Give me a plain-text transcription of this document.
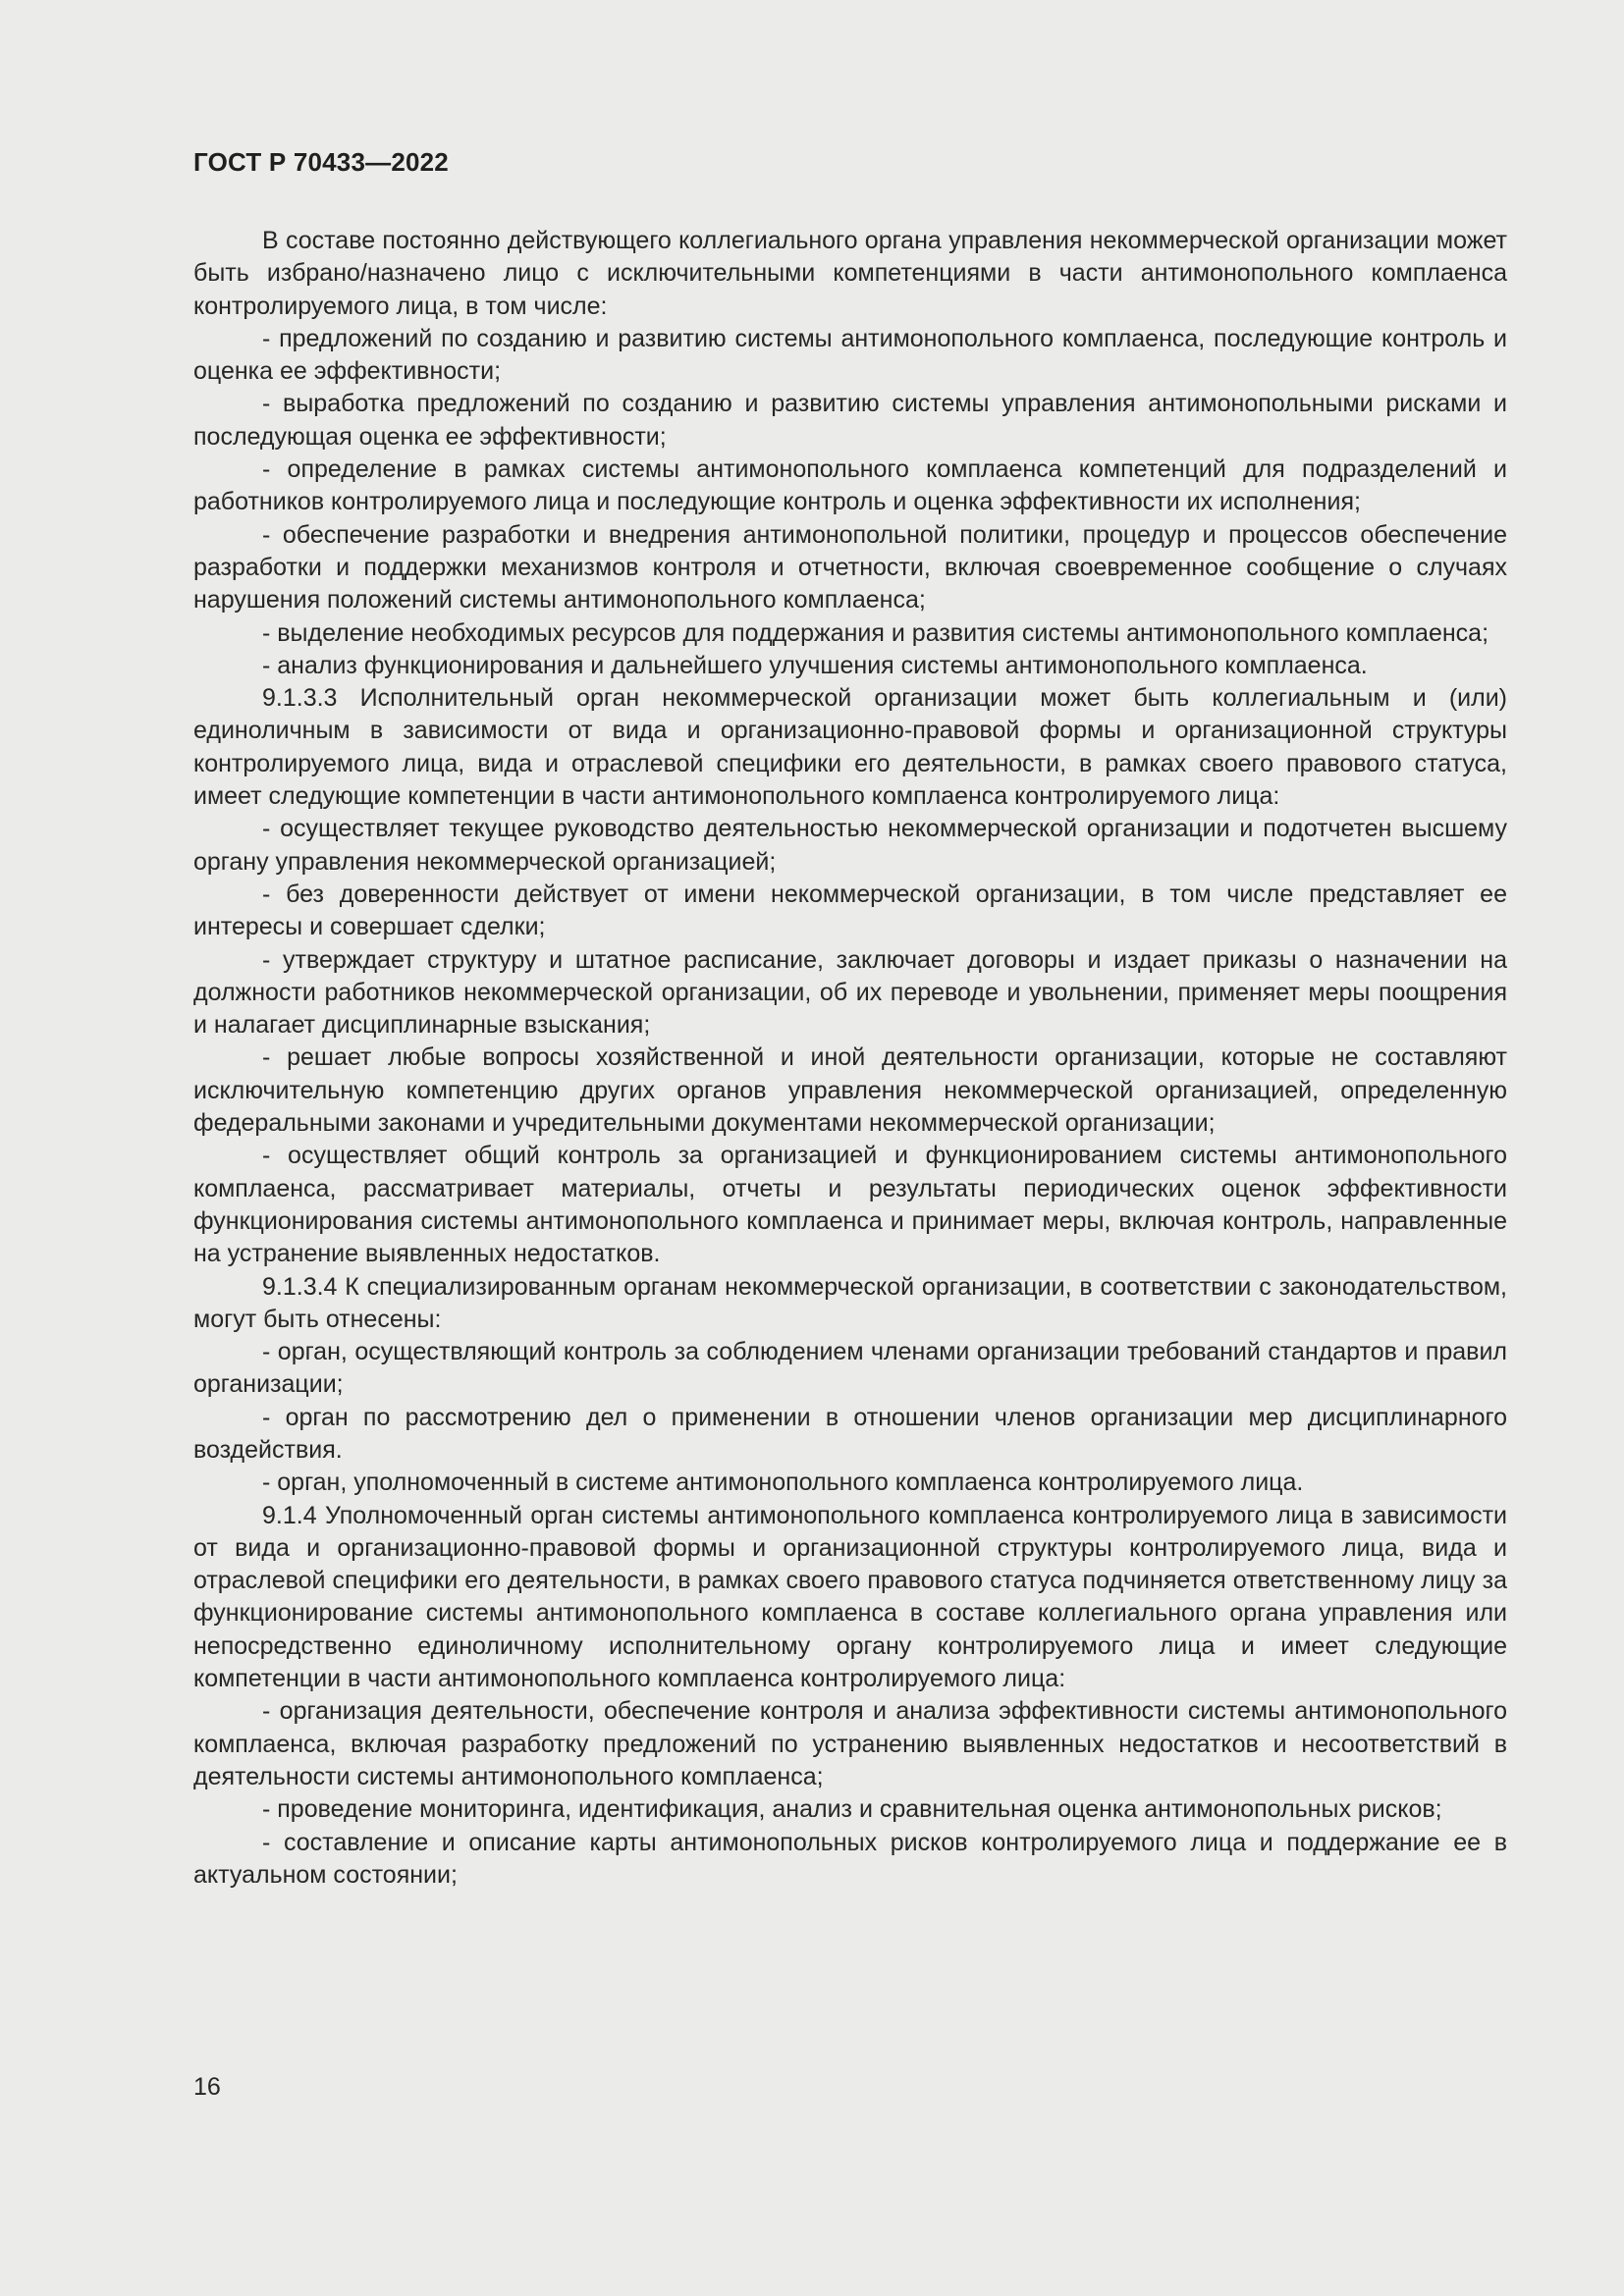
ГОСТ Р 70433—2022

В составе постоянно действующего коллегиального органа управления некоммерческой организации может быть избрано/назначено лицо с исключительными компетенциями в части антимонопольного комплаенса контролируемого лица, в том числе:

- предложений по созданию и развитию системы антимонопольного комплаенса, последующие контроль и оценка ее эффективности;

- выработка предложений по созданию и развитию системы управления антимонопольными рисками и последующая оценка ее эффективности;

- определение в рамках системы антимонопольного комплаенса компетенций для подразделений и работников контролируемого лица и последующие контроль и оценка эффективности их исполнения;

- обеспечение разработки и внедрения антимонопольной политики, процедур и процессов обеспечение разработки и поддержки механизмов контроля и отчетности, включая своевременное сообщение о случаях нарушения положений системы антимонопольного комплаенса;

- выделение необходимых ресурсов для поддержания и развития системы антимонопольного комплаенса;

- анализ функционирования и дальнейшего улучшения системы антимонопольного комплаенса.

9.1.3.3 Исполнительный орган некоммерческой организации может быть коллегиальным и (или) единоличным в зависимости от вида и организационно-правовой формы и организационной структуры контролируемого лица, вида и отраслевой специфики его деятельности, в рамках своего правового статуса, имеет следующие компетенции в части антимонопольного комплаенса контролируемого лица:

- осуществляет текущее руководство деятельностью некоммерческой организации и подотчетен высшему органу управления некоммерческой организацией;

- без доверенности действует от имени некоммерческой организации, в том числе представляет ее интересы и совершает сделки;

- утверждает структуру и штатное расписание, заключает договоры и издает приказы о назначении на должности работников некоммерческой организации, об их переводе и увольнении, применяет меры поощрения и налагает дисциплинарные взыскания;

- решает любые вопросы хозяйственной и иной деятельности организации, которые не составляют исключительную компетенцию других органов управления некоммерческой организацией, определенную федеральными законами и учредительными документами некоммерческой организации;

- осуществляет общий контроль за организацией и функционированием системы антимонопольного комплаенса, рассматривает материалы, отчеты и результаты периодических оценок эффективности функционирования системы антимонопольного комплаенса и принимает меры, включая контроль, направленные на устранение выявленных недостатков.

9.1.3.4 К специализированным органам некоммерческой организации, в соответствии с законодательством, могут быть отнесены:

- орган, осуществляющий контроль за соблюдением членами организации требований стандартов и правил организации;

- орган по рассмотрению дел о применении в отношении членов организации мер дисциплинарного воздействия.

- орган, уполномоченный в системе антимонопольного комплаенса контролируемого лица.

9.1.4 Уполномоченный орган системы антимонопольного комплаенса контролируемого лица в зависимости от вида и организационно-правовой формы и организационной структуры контролируемого лица, вида и отраслевой специфики его деятельности, в рамках своего правового статуса подчиняется ответственному лицу за функционирование системы антимонопольного комплаенса в составе коллегиального органа управления или непосредственно единоличному исполнительному органу контролируемого лица и имеет следующие компетенции в части антимонопольного комплаенса контролируемого лица:

- организация деятельности, обеспечение контроля и анализа эффективности системы антимонопольного комплаенса, включая разработку предложений по устранению выявленных недостатков и несоответствий в деятельности системы антимонопольного комплаенса;

- проведение мониторинга, идентификация, анализ и сравнительная оценка антимонопольных рисков;

- составление и описание карты антимонопольных рисков контролируемого лица и поддержание ее в актуальном состоянии;

16
